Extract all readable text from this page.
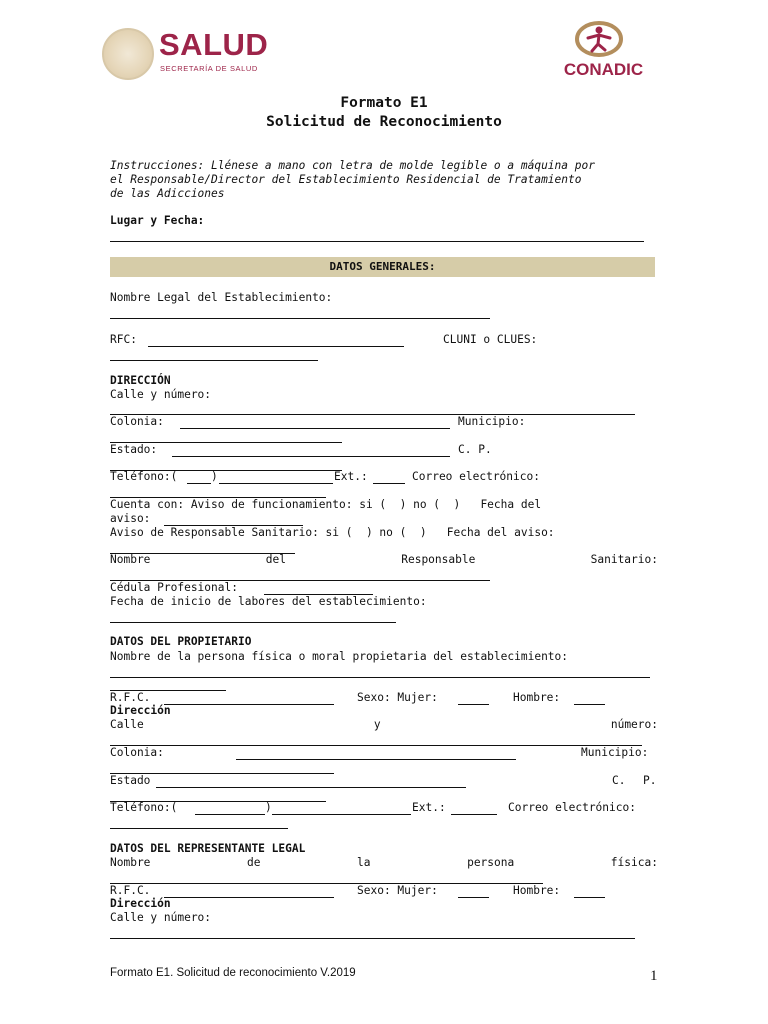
SALUD
SECRETARÍA DE SALUD	CONADIC
Formato E1
Solicitud de Reconocimiento
Instrucciones: Llénese a mano con letra de molde legible o a máquina por
el Responsable/Director del Establecimiento Residencial de Tratamiento
de las Adicciones
Lugar y Fecha:
DATOS GENERALES:
Nombre Legal del Establecimiento:
RFC:	CLUNI o CLUES:
DIRECCIÓN
Calle y número:
Colonia:	Municipio:
Estado:	C. P.
Teléfono:(	)	Ext.:	Correo electrónico:
Cuenta con: Aviso de funcionamiento: si (  ) no (  )   Fecha del
aviso:
Aviso de Responsable Sanitario: si (  ) no (  )   Fecha del aviso:
Nombre	del	Responsable	Sanitario:
Cédula Profesional:
Fecha de inicio de labores del establecimiento:
DATOS DEL PROPIETARIO
Nombre de la persona física o moral propietaria del establecimiento:
R.F.C.	Sexo: Mujer:	Hombre:
Dirección
Calle	y	número:
Colonia:	Municipio:
Estado	C. P.
Teléfono:(	)	Ext.:	Correo electrónico:
DATOS DEL REPRESENTANTE LEGAL
Nombre	de	la	persona	física:
R.F.C.	Sexo: Mujer:	Hombre:
Dirección
Calle y número:
Formato E1. Solicitud de reconocimiento V.2019	1
